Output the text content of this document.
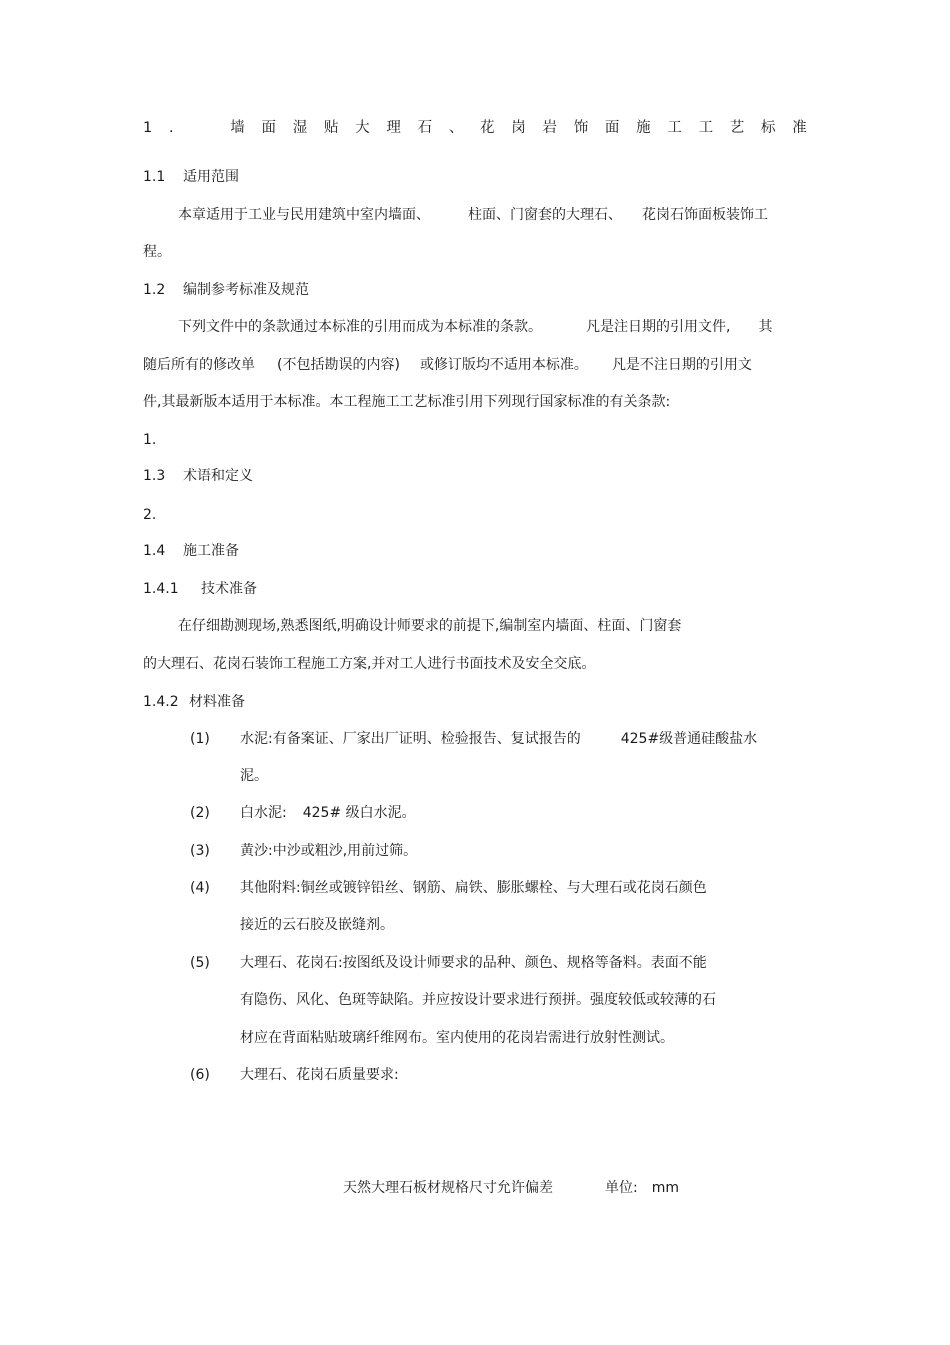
1 .	墙 面 湿 贴 大 理 石 、 花 岗 岩 饰 面 施 工 工 艺 标 准
1.1 适用范围
本章适用于工业与民用建筑中室内墙面、	柱面、门窗套的大理石、 花岗石饰面板装饰工
程。
1.2 编制参考标准及规范
下列文件中的条款通过本标准的引用而成为本标准的条款。	凡是注日期的引用文件, 其
随后所有的修改单 (不包括勘误的内容) 或修订版均不适用本标准。 凡是不注日期的引用文
件,其最新版本适用于本标准。本工程施工工艺标准引用下列现行国家标准的有关条款:
1.
1.3 术语和定义
2.
1.4 施工准备
1.4.1 技术准备
在仔细勘测现场,熟悉图纸,明确设计师要求的前提下,编制室内墙面、柱面、门窗套
的大理石、花岗石装饰工程施工方案,并对工人进行书面技术及安全交底。
1.4.2 材料准备
(1) 水泥:有备案证、厂家出厂证明、检验报告、复试报告的	425#级普通硅酸盐水
泥。
(2) 白水泥: 425# 级白水泥。
(3) 黄沙:中沙或粗沙,用前过筛。
(4) 其他附料:铜丝或镀锌铅丝、钢筋、扁铁、膨胀螺栓、与大理石或花岗石颜色
接近的云石胶及嵌缝剂。
(5) 大理石、花岗石:按图纸及设计师要求的品种、颜色、规格等备料。表面不能
有隐伤、风化、色斑等缺陷。并应按设计要求进行预拼。强度较低或较薄的石
材应在背面粘贴玻璃纤维网布。室内使用的花岗岩需进行放射性测试。
(6) 大理石、花岗石质量要求:
天然大理石板材规格尺寸允许偏差	单位: mm
